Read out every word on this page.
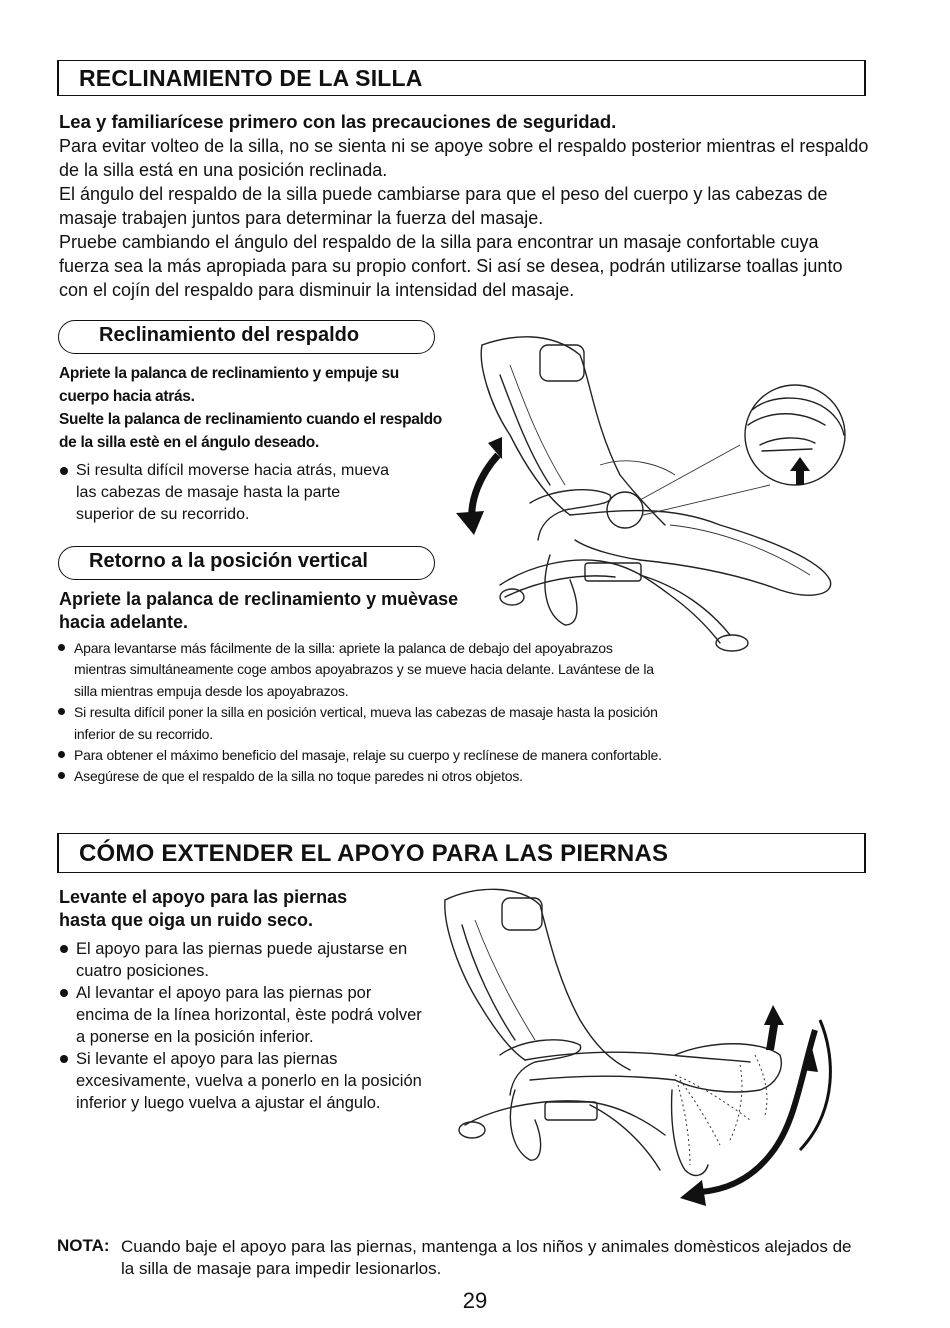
RECLINAMIENTO DE LA SILLA

Lea y familiarícese primero con las precauciones de seguridad.

Para evitar volteo de la silla, no se sienta ni se apoye sobre el respaldo posterior mientras el respaldo de la silla está en una posición reclinada.

El ángulo del respaldo de la silla puede cambiarse para que el peso del cuerpo y las cabezas de masaje trabajen juntos para determinar la fuerza del masaje.

Pruebe cambiando el ángulo del respaldo de la silla para encontrar un masaje confortable cuya fuerza sea la más apropiada para su propio confort. Si así se desea, podrán utilizarse toallas junto con el cojín del respaldo para disminuir la intensidad del masaje.

Reclinamiento del respaldo

Apriete la palanca de reclinamiento y empuje su cuerpo hacia atrás.

Suelte la palanca de reclinamiento cuando el respaldo de la silla estè en el ángulo deseado.

Si resulta difícil moverse hacia atrás, mueva las cabezas de masaje hasta la parte superior de su recorrido.
Retorno a la posición vertical

Apriete la palanca de reclinamiento y muèvase hacia adelante.

Apara levantarse más fácilmente de la silla: apriete la palanca de debajo del apoyabrazos mientras simultáneamente coge ambos apoyabrazos y se mueve hacia delante. Lavántese de la silla mientras empuja desde los apoyabrazos.
Si resulta difícil poner la silla en posición vertical, mueva las cabezas de masaje hasta la posición inferior de su recorrido.
Para obtener el máximo beneficio del masaje, relaje su cuerpo y reclínese de manera confortable.
Asegúrese de que el respaldo de la silla no toque paredes ni otros objetos.
CÓMO EXTENDER EL APOYO PARA LAS PIERNAS

Levante el apoyo para las piernas hasta que oiga un ruido seco.

El apoyo para las piernas puede ajustarse en cuatro posiciones.
Al levantar el apoyo para las piernas por encima de la línea horizontal, èste podrá volver a ponerse en la posición inferior.
Si levante el apoyo para las piernas excesivamente, vuelva a ponerlo en la posición inferior y luego vuelva a ajustar el ángulo.
NOTA: Cuando baje el apoyo para las piernas, mantenga a los niños y animales domèsticos alejados de la silla de masaje para impedir lesionarlos.

29
